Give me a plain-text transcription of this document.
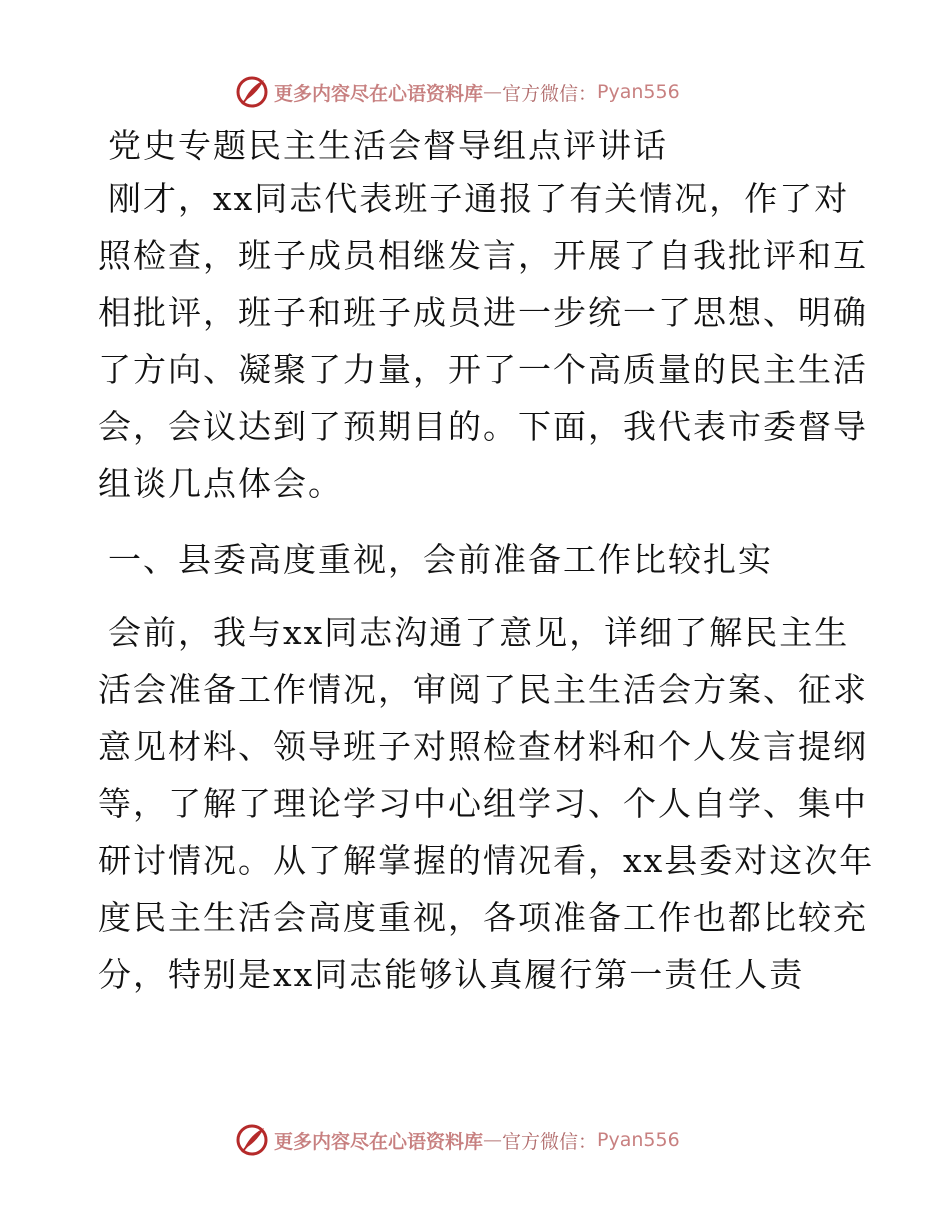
更多内容尽在心语资料库 — 官方微信： Pyan556
党史专题民主生活会督导组点评讲话
刚才，xx同志代表班子通报了有关情况，作了对
照检查，班子成员相继发言，开展了自我批评和互
相批评，班子和班子成员进一步统一了思想、明确
了方向、凝聚了力量，开了一个高质量的民主生活
会，会议达到了预期目的。下面，我代表市委督导
组谈几点体会。
一、县委高度重视，会前准备工作比较扎实
会前，我与xx同志沟通了意见，详细了解民主生
活会准备工作情况，审阅了民主生活会方案、征求
意见材料、领导班子对照检查材料和个人发言提纲
等，了解了理论学习中心组学习、个人自学、集中
研讨情况。从了解掌握的情况看，xx县委对这次年
度民主生活会高度重视，各项准备工作也都比较充
分，特别是xx同志能够认真履行第一责任人责
更多内容尽在心语资料库 — 官方微信： Pyan556
